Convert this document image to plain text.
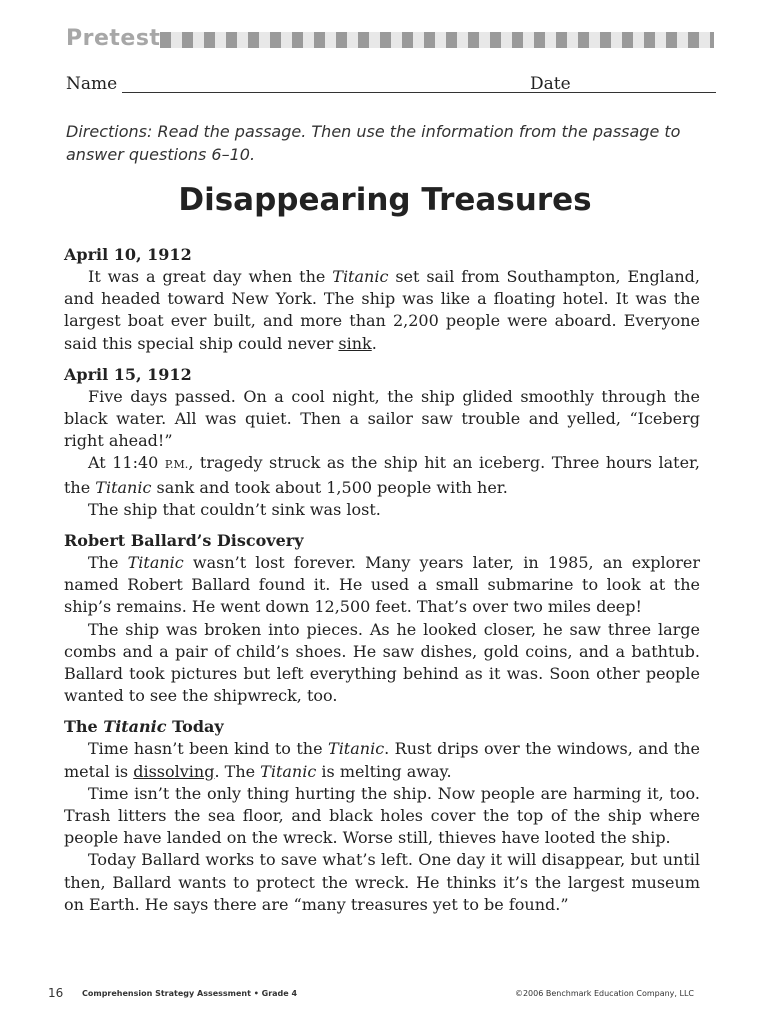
Pretest
Name	Date
Directions: Read the passage. Then use the information from the passage to answer questions 6–10.
Disappearing Treasures
April 10, 1912

It was a great day when the Titanic set sail from Southampton, England, and headed toward New York. The ship was like a floating hotel. It was the largest boat ever built, and more than 2,200 people were aboard. Everyone said this special ship could never sink.

April 15, 1912

Five days passed. On a cool night, the ship glided smoothly through the black water. All was quiet. Then a sailor saw trouble and yelled, “Iceberg right ahead!”

At 11:40 P.M., tragedy struck as the ship hit an iceberg. Three hours later, the Titanic sank and took about 1,500 people with her.

The ship that couldn’t sink was lost.

Robert Ballard’s Discovery

The Titanic wasn’t lost forever. Many years later, in 1985, an explorer named Robert Ballard found it. He used a small submarine to look at the ship’s remains. He went down 12,500 feet. That’s over two miles deep!

The ship was broken into pieces. As he looked closer, he saw three large combs and a pair of child’s shoes. He saw dishes, gold coins, and a bathtub. Ballard took pictures but left everything behind as it was. Soon other people wanted to see the shipwreck, too.

The Titanic Today

Time hasn’t been kind to the Titanic. Rust drips over the windows, and the metal is dissolving. The Titanic is melting away.

Time isn’t the only thing hurting the ship. Now people are harming it, too. Trash litters the sea floor, and black holes cover the top of the ship where people have landed on the wreck. Worse still, thieves have looted the ship.

Today Ballard works to save what’s left. One day it will disappear, but until then, Ballard wants to protect the wreck. He thinks it’s the largest museum on Earth. He says there are “many treasures yet to be found.”

16 Comprehension Strategy Assessment • Grade 4	©2006 Benchmark Education Company, LLC
